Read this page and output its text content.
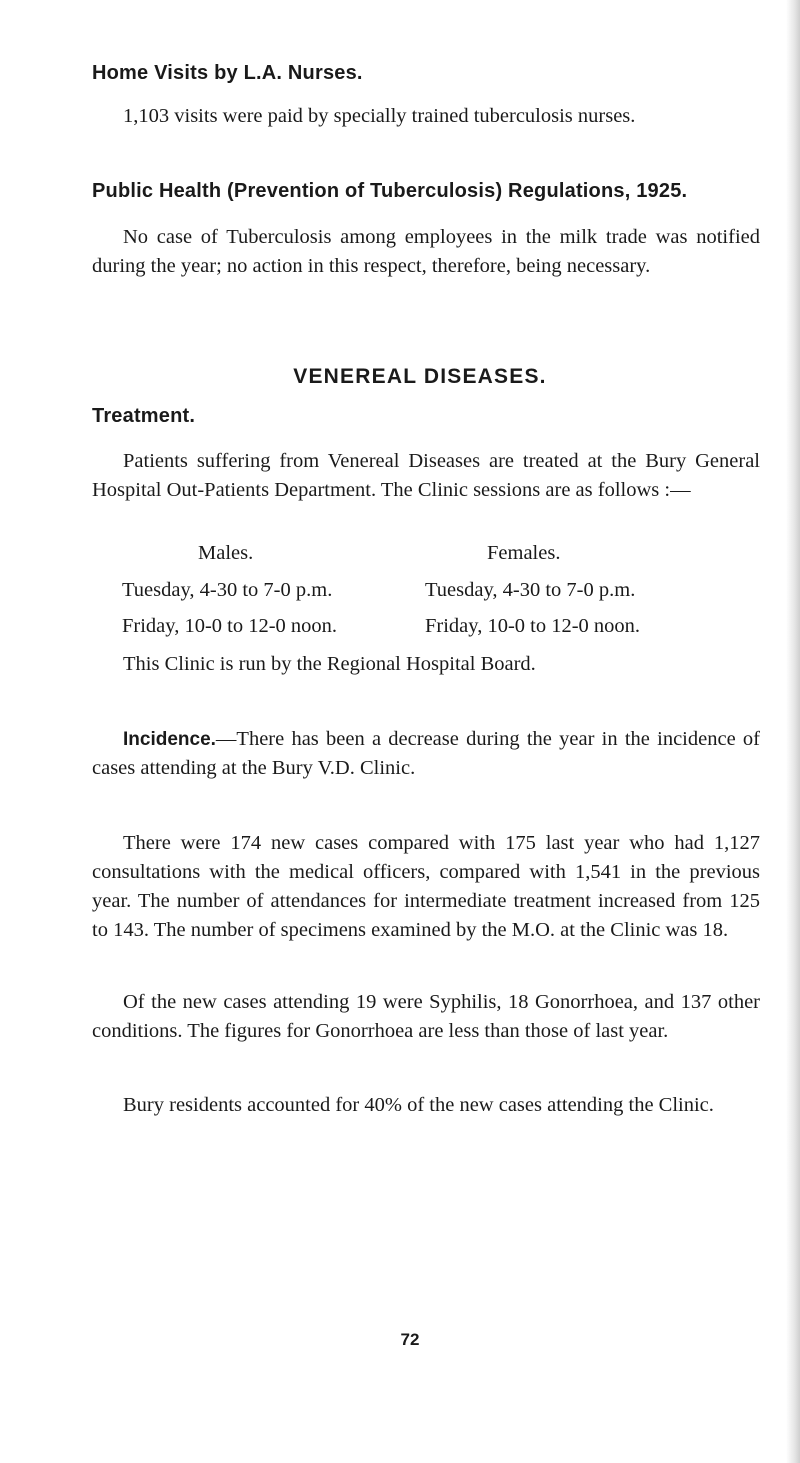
Home Visits by L.A. Nurses.

1,103 visits were paid by specially trained tuberculosis nurses.

Public Health (Prevention of Tuberculosis) Regulations, 1925.

No case of Tuberculosis among employees in the milk trade was notified during the year; no action in this respect, therefore, being necessary.

VENEREAL DISEASES.
Treatment.

Patients suffering from Venereal Diseases are treated at the Bury General Hospital Out-Patients Department. The Clinic sessions are as follows :—

Males.	Females.
Tuesday, 4-30 to 7-0 p.m.
Friday, 10-0 to 12-0 noon.
Tuesday, 4-30 to 7-0 p.m.
Friday, 10-0 to 12-0 noon.

This Clinic is run by the Regional Hospital Board.

Incidence.—There has been a decrease during the year in the incidence of cases attending at the Bury V.D. Clinic.

There were 174 new cases compared with 175 last year who had 1,127 consultations with the medical officers, compared with 1,541 in the previous year. The number of attendances for intermediate treatment increased from 125 to 143. The number of specimens examined by the M.O. at the Clinic was 18.

Of the new cases attending 19 were Syphilis, 18 Gonorrhoea, and 137 other conditions. The figures for Gonorrhoea are less than those of last year.

Bury residents accounted for 40% of the new cases attending the Clinic.

72
